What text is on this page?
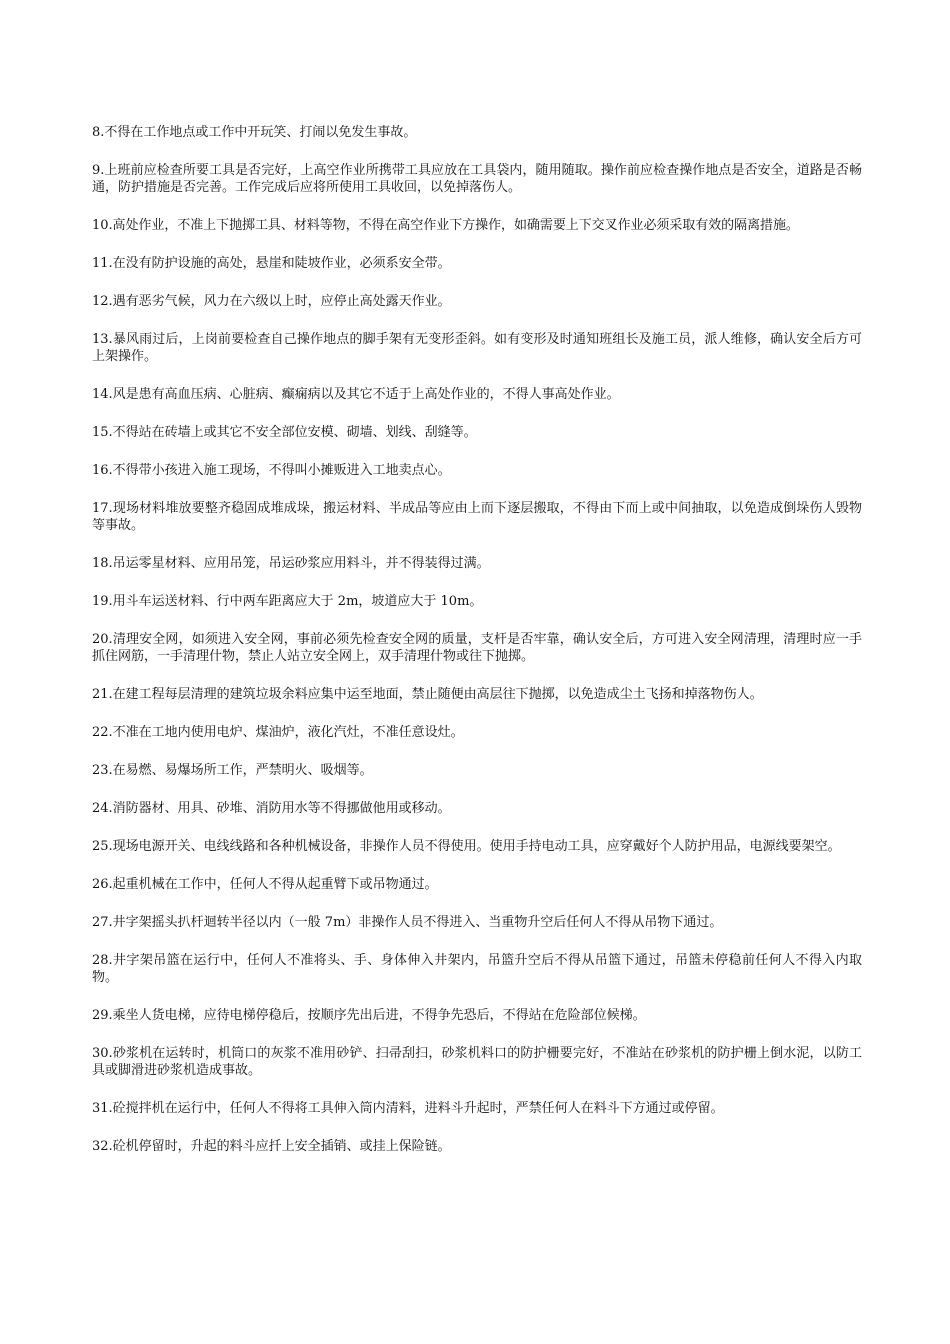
8.不得在工作地点或工作中开玩笑、打闹以免发生事故。
9.上班前应检查所要工具是否完好，上高空作业所携带工具应放在工具袋内，随用随取。操作前应检查操作地点是否安全，道路是否畅通，防护措施是否完善。工作完成后应将所使用工具收回，以免掉落伤人。
10.高处作业，不准上下抛掷工具、材料等物，不得在高空作业下方操作，如确需要上下交叉作业必须采取有效的隔离措施。
11.在没有防护设施的高处，悬崖和陡坡作业，必须系安全带。
12.遇有恶劣气候，风力在六级以上时，应停止高处露天作业。
13.暴风雨过后，上岗前要检查自己操作地点的脚手架有无变形歪斜。如有变形及时通知班组长及施工员，派人维修，确认安全后方可上架操作。
14.风是患有高血压病、心脏病、癫痫病以及其它不适于上高处作业的，不得人事高处作业。
15.不得站在砖墙上或其它不安全部位安模、砌墙、划线、刮缝等。
16.不得带小孩进入施工现场，不得叫小摊贩进入工地卖点心。
17.现场材料堆放要整齐稳固成堆成垛，搬运材料、半成品等应由上而下逐层搬取，不得由下而上或中间抽取，以免造成倒垛伤人毁物等事故。
18.吊运零星材料、应用吊笼，吊运砂浆应用料斗，并不得装得过满。
19.用斗车运送材料、行中两车距离应大于 2m，坡道应大于 10m。
20.清理安全网，如须进入安全网，事前必须先检查安全网的质量，支杆是否牢靠，确认安全后，方可进入安全网清理，清理时应一手抓住网筋，一手清理什物，禁止人站立安全网上，双手清理什物或往下抛掷。
21.在建工程每层清理的建筑垃圾余料应集中运至地面，禁止随便由高层往下抛掷，以免造成尘土飞扬和掉落物伤人。
22.不准在工地内使用电炉、煤油炉，液化汽灶，不准任意设灶。
23.在易燃、易爆场所工作，严禁明火、吸烟等。
24.消防器材、用具、砂堆、消防用水等不得挪做他用或移动。
25.现场电源开关、电线线路和各种机械设备，非操作人员不得使用。使用手持电动工具，应穿戴好个人防护用品，电源线要架空。
26.起重机械在工作中，任何人不得从起重臂下或吊物通过。
27.井字架摇头扒杆迴转半径以内（一般 7m）非操作人员不得进入、当重物升空后任何人不得从吊物下通过。
28.井字架吊篮在运行中，任何人不准将头、手、身体伸入井架内，吊篮升空后不得从吊篮下通过，吊篮未停稳前任何人不得入内取物。
29.乘坐人货电梯，应待电梯停稳后，按顺序先出后进，不得争先恐后，不得站在危险部位候梯。
30.砂浆机在运转时，机筒口的灰浆不准用砂铲、扫帚刮扫，砂浆机料口的防护栅要完好，不准站在砂浆机的防护栅上倒水泥，以防工具或脚滑进砂浆机造成事故。
31.砼搅拌机在运行中，任何人不得将工具伸入筒内清料，进料斗升起时，严禁任何人在料斗下方通过或停留。
32.砼机停留时，升起的料斗应扦上安全插销、或挂上保险链。
